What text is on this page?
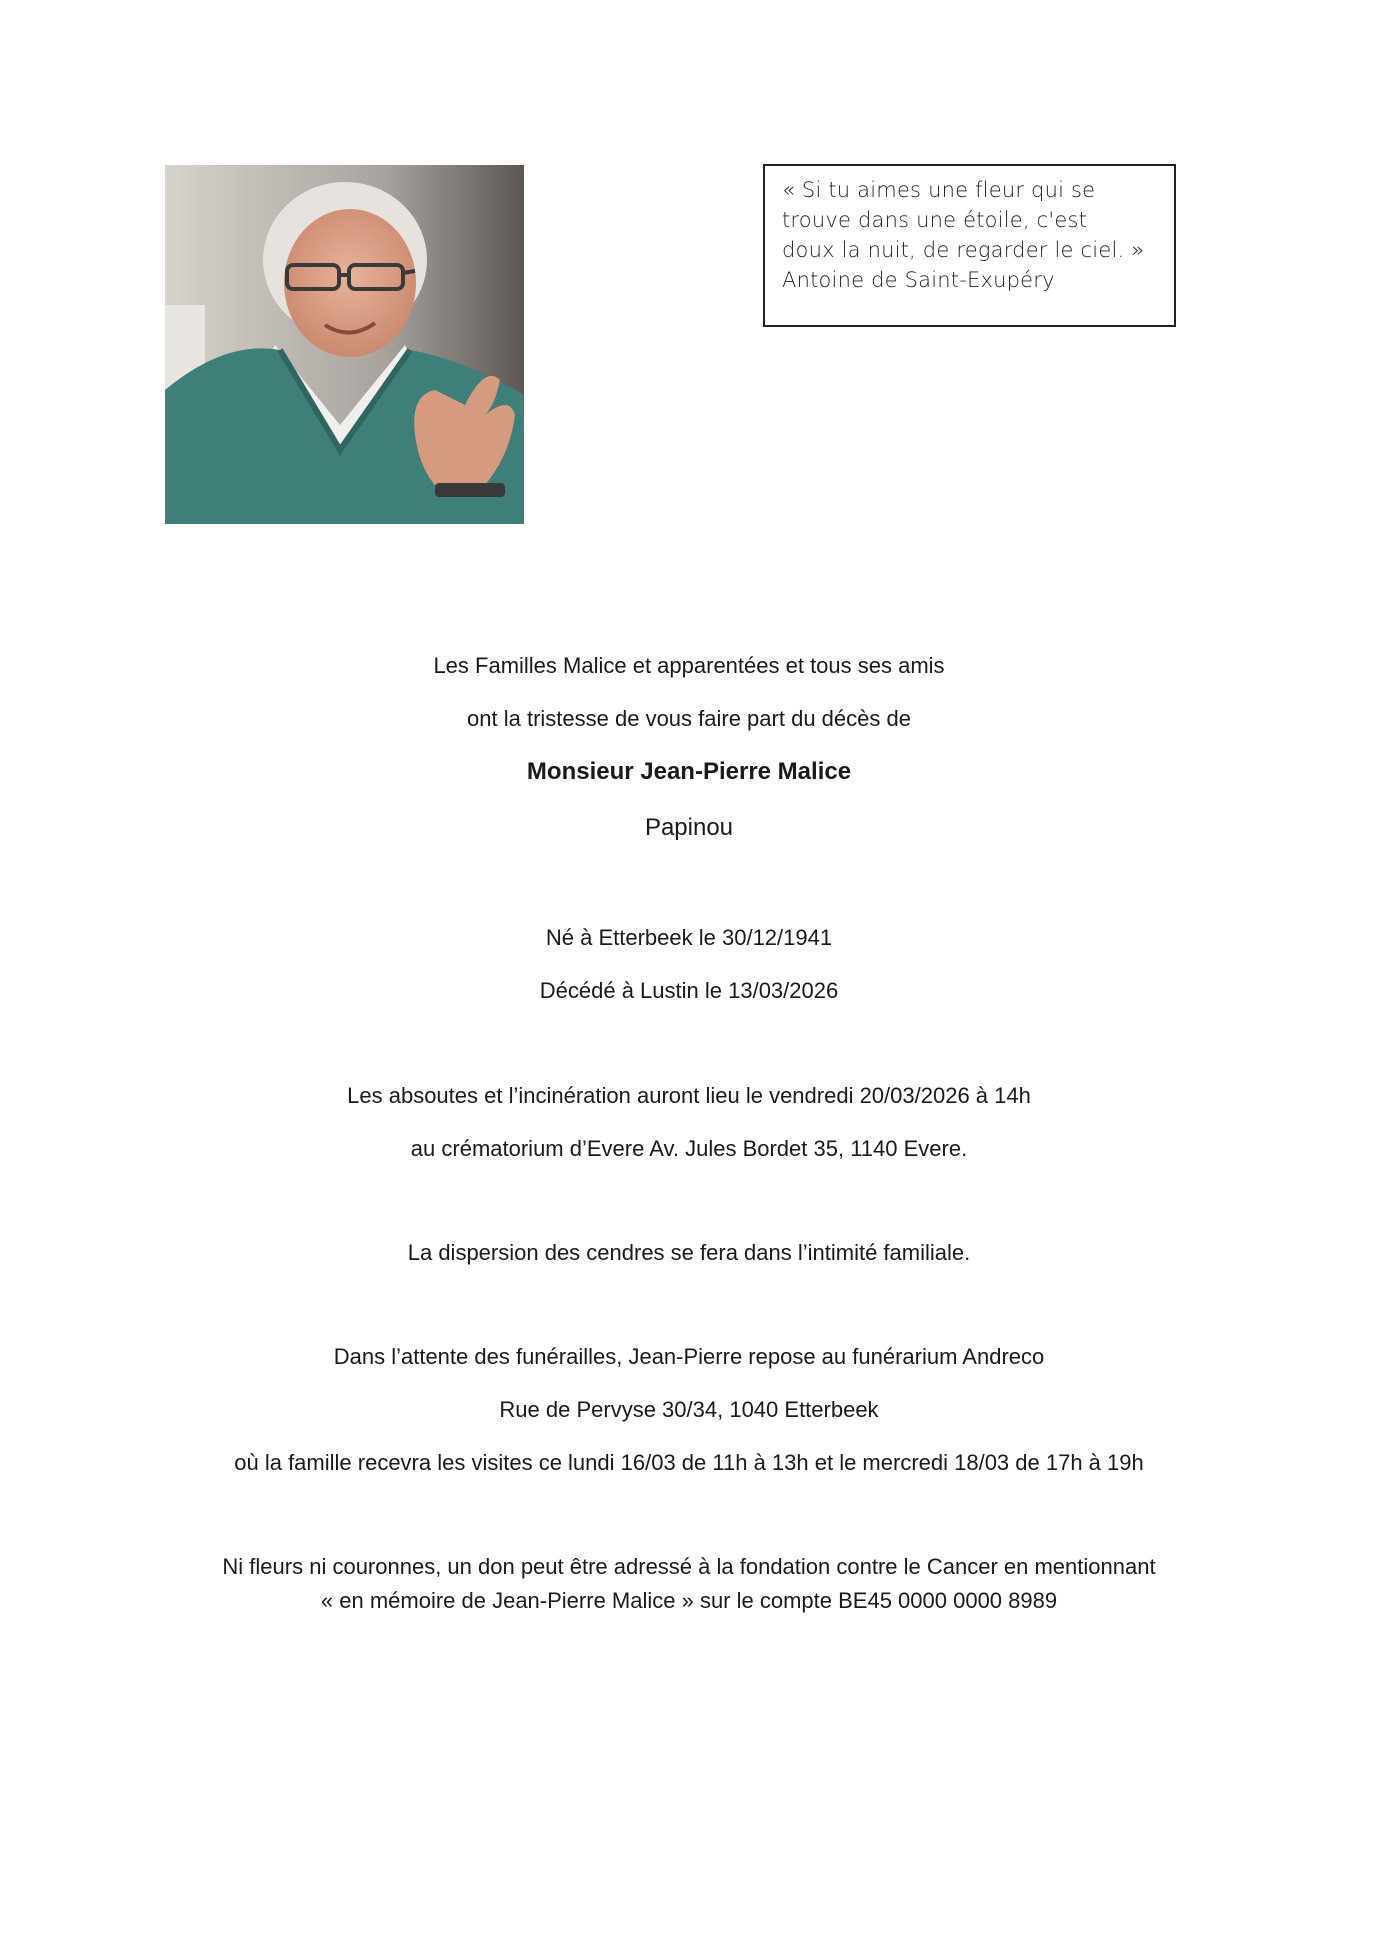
« Si tu aimes une fleur qui se
trouve dans une étoile, c'est
doux la nuit, de regarder le ciel. »
Antoine de Saint-Exupéry
Les Familles Malice et apparentées et tous ses amis
ont la tristesse de vous faire part du décès de
Monsieur Jean-Pierre Malice
Papinou
Né à Etterbeek le 30/12/1941
Décédé à Lustin le 13/03/2026
Les absoutes et l’incinération auront lieu le vendredi 20/03/2026 à 14h
au crématorium d’Evere Av. Jules Bordet 35, 1140 Evere.
La dispersion des cendres se fera dans l’intimité familiale.
Dans l’attente des funérailles, Jean-Pierre repose au funérarium Andreco
Rue de Pervyse 30/34, 1040 Etterbeek
où la famille recevra les visites ce lundi 16/03 de 11h à 13h et le mercredi 18/03 de 17h à 19h
Ni fleurs ni couronnes, un don peut être adressé à la fondation contre le Cancer en mentionnant
« en mémoire de Jean-Pierre Malice » sur le compte BE45 0000 0000 8989
